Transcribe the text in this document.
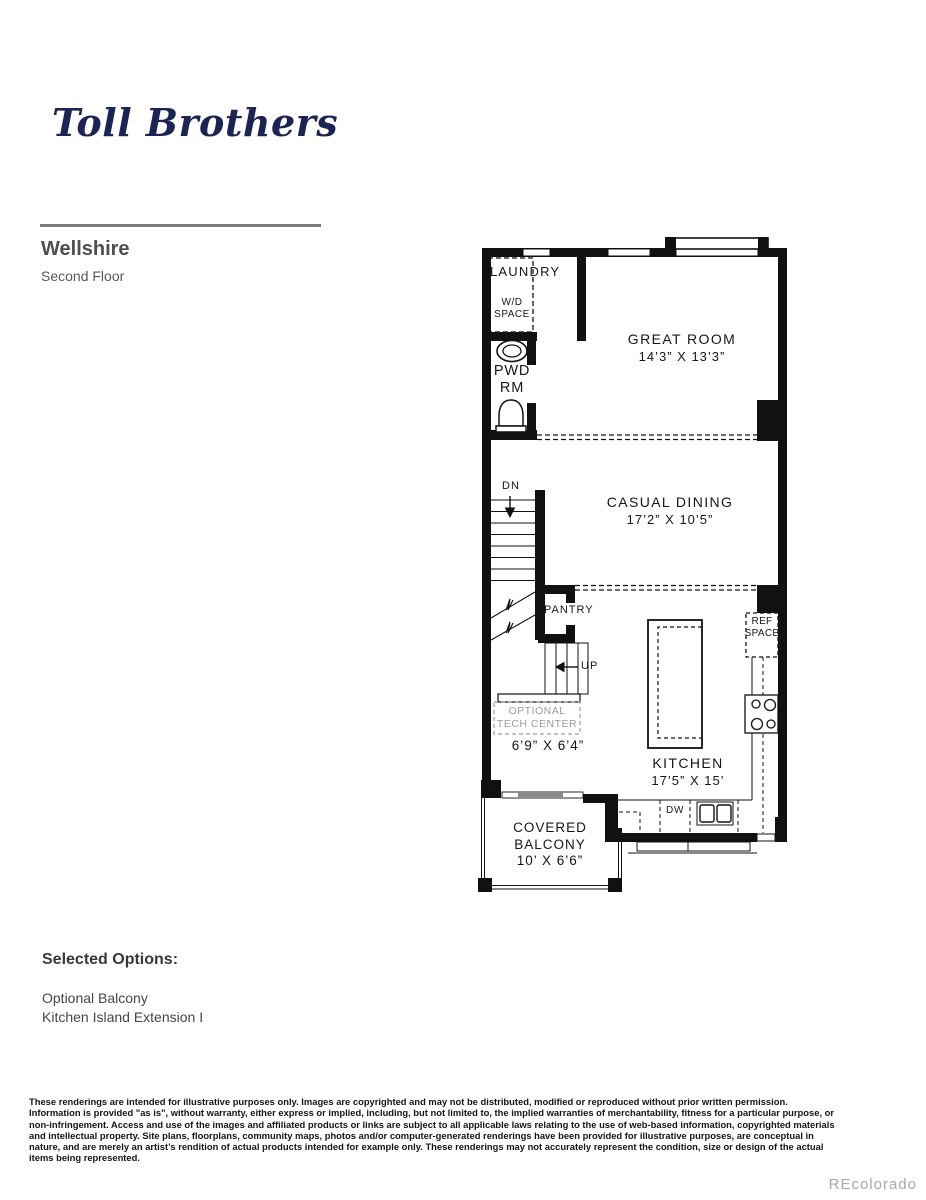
Toll Brothers
Wellshire
Second Floor	LAUNDRY
W/D
SPACE
PWD
RM
GREAT ROOM
14’3” X 13’3”
CASUAL DINING
17’2” X 10’5”
DN
PANTRY
UP
REF
SPACE
OPTIONAL
TECH CENTER
6’9” X 6’4”
KITCHEN
17’5” X 15’
DW
COVERED
BALCONY
10’ X 6’6”
Selected Options:
Optional Balcony
Kitchen Island Extension I
These renderings are intended for illustrative purposes only. Images are copyrighted and may not be distributed, modified or reproduced without prior written permission. Information is provided "as is", without warranty, either express or implied, including, but not limited to, the implied warranties of merchantability, fitness for a particular purpose, or non-infringement. Access and use of the images and affiliated products or links are subject to all applicable laws relating to the use of web-based information, copyrighted materials and intellectual property. Site plans, floorplans, community maps, photos and/or computer-generated renderings have been provided for illustrative purposes, are conceptual in nature, and are merely an artist’s rendition of actual products intended for example only. These renderings may not accurately represent the condition, size or design of the actual items being represented.
REcolorado
